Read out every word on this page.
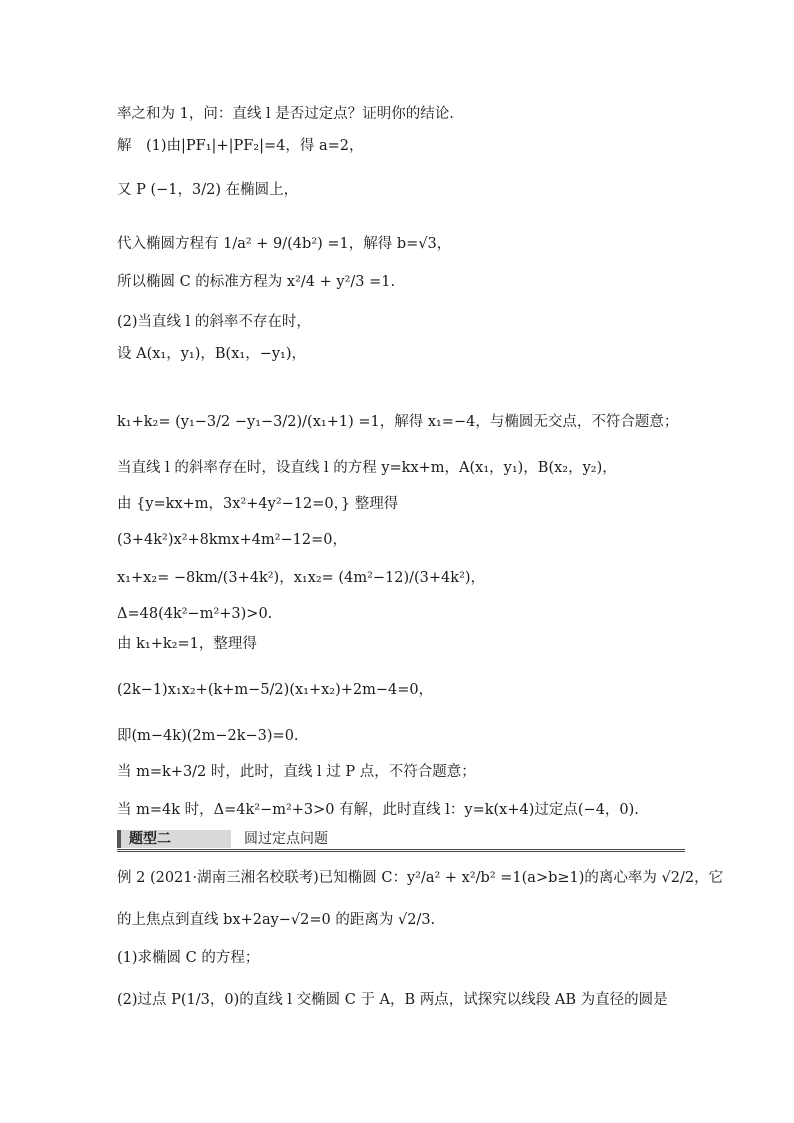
率之和为 1，问：直线 l 是否过定点？证明你的结论.
解　(1)由|PF₁|+|PF₂|=4，得 a=2，
又 P (−1，3/2) 在椭圆上，
代入椭圆方程有 1/a² + 9/(4b²) =1，解得 b=√3，
所以椭圆 C 的标准方程为 x²/4 + y²/3 =1.
(2)当直线 l 的斜率不存在时，
设 A(x₁，y₁)，B(x₁，−y₁)，
k₁+k₂= (y₁−3/2 −y₁−3/2)/(x₁+1) =1，解得 x₁=−4，与椭圆无交点，不符合题意；
当直线 l 的斜率存在时，设直线 l 的方程 y=kx+m，A(x₁，y₁)，B(x₂，y₂)，
由 {y=kx+m，3x²+4y²−12=0，} 整理得
(3+4k²)x²+8kmx+4m²−12=0，
x₁+x₂= −8km/(3+4k²)，x₁x₂= (4m²−12)/(3+4k²)，
Δ=48(4k²−m²+3)>0.
由 k₁+k₂=1，整理得
(2k−1)x₁x₂+(k+m−5/2)(x₁+x₂)+2m−4=0，
即(m−4k)(2m−2k−3)=0.
当 m=k+3/2 时，此时，直线 l 过 P 点，不符合题意；
当 m=4k 时，Δ=4k²−m²+3>0 有解，此时直线 l：y=k(x+4)过定点(−4，0).
题型二	圆过定点问题
例 2 (2021·湖南三湘名校联考)已知椭圆 C：y²/a² + x²/b² =1(a>b≥1)的离心率为 √2/2，它
的上焦点到直线 bx+2ay−√2=0 的距离为 √2/3.
(1)求椭圆 C 的方程；
(2)过点 P(1/3，0)的直线 l 交椭圆 C 于 A，B 两点，试探究以线段 AB 为直径的圆是
